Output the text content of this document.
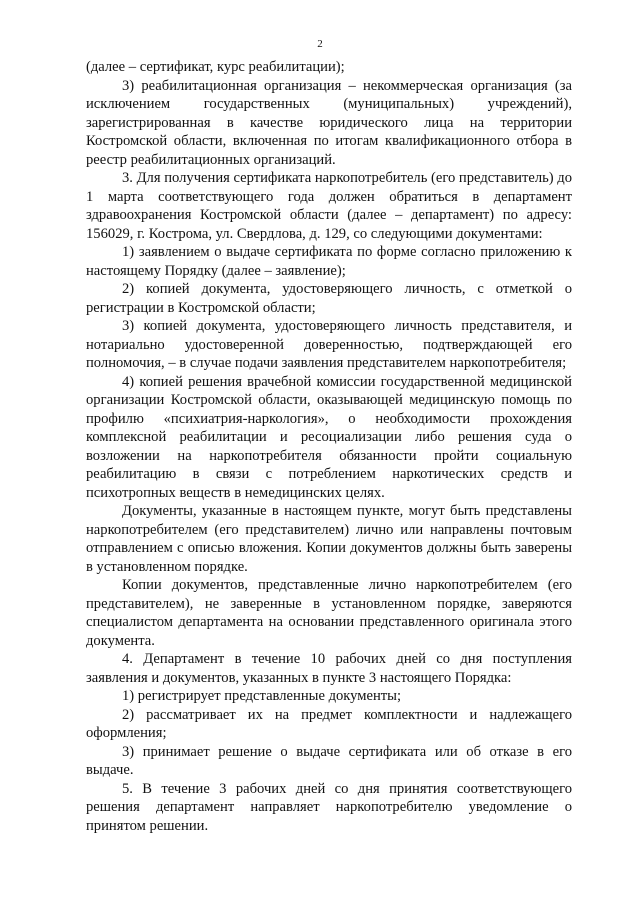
2

(далее – сертификат, курс реабилитации);

3) реабилитационная организация – некоммерческая организация (за исключением государственных (муниципальных) учреждений), зарегистрированная в качестве юридического лица на территории Костромской области, включенная по итогам квалификационного отбора в реестр реабилитационных организаций.

3. Для получения сертификата наркопотребитель (его представитель) до 1 марта соответствующего года должен обратиться в департамент здравоохранения Костромской области (далее – департамент) по адресу: 156029, г. Кострома, ул. Свердлова, д. 129, со следующими документами:

1) заявлением о выдаче сертификата по форме согласно приложению к настоящему Порядку (далее – заявление);

2) копией документа, удостоверяющего личность, с отметкой о регистрации в Костромской области;

3) копией документа, удостоверяющего личность представителя, и нотариально удостоверенной доверенностью, подтверждающей его полномочия, – в случае подачи заявления представителем наркопотребителя;

4) копией решения врачебной комиссии государственной медицинской организации Костромской области, оказывающей медицинскую помощь по профилю «психиатрия-наркология», о необходимости прохождения комплексной реабилитации и ресоциализации либо решения суда о возложении на наркопотребителя обязанности пройти социальную реабилитацию в связи с потреблением наркотических средств и психотропных веществ в немедицинских целях.

Документы, указанные в настоящем пункте, могут быть представлены наркопотребителем (его представителем) лично или направлены почтовым отправлением с описью вложения. Копии документов должны быть заверены в установленном порядке.

Копии документов, представленные лично наркопотребителем (его представителем), не заверенные в установленном порядке, заверяются специалистом департамента на основании представленного оригинала этого документа.

4. Департамент в течение 10 рабочих дней со дня поступления заявления и документов, указанных в пункте 3 настоящего Порядка:

1) регистрирует представленные документы;

2) рассматривает их на предмет комплектности и надлежащего оформления;

3) принимает решение о выдаче сертификата или об отказе в его выдаче.

5. В течение 3 рабочих дней со дня принятия соответствующего решения департамент направляет наркопотребителю уведомление о принятом решении.
